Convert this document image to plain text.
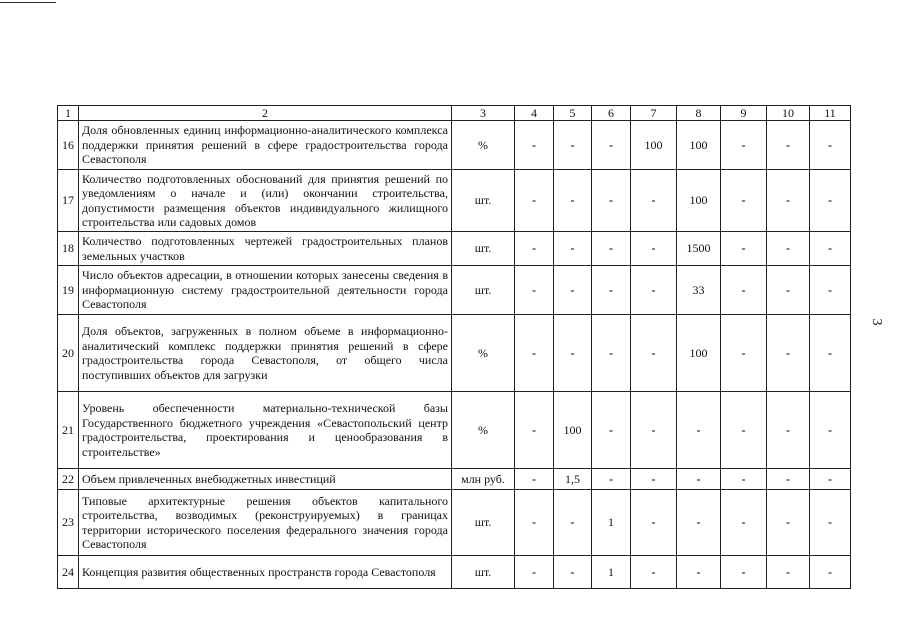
3
1	2	3	4	5	6	7	8	9	10	11
16	Доля обновленных единиц информационно-аналитического комплекса поддержки принятия решений в сфере градостроительства города Севастополя	%	-	-	-	100	100	-	-	-
17	Количество подготовленных обоснований для принятия решений по уведомлениям о начале и (или) окончании строительства, допустимости размещения объектов индивидуального жилищного строительства или садовых домов	шт.	-	-	-	-	100	-	-	-
18	Количество подготовленных чертежей градостроительных планов земельных участков	шт.	-	-	-	-	1500	-	-	-
19	Число объектов адресации, в отношении которых занесены сведения в информационную систему градостроительной деятельности города Севастополя	шт.	-	-	-	-	33	-	-	-
20	Доля объектов, загруженных в полном объеме в информационно-аналитический комплекс поддержки принятия решений в сфере градостроительства города Севастополя, от общего числа поступивших объектов для загрузки	%	-	-	-	-	100	-	-	-
21	Уровень обеспеченности материально-технической базы Государственного бюджетного учреждения «Севастопольский центр градостроительства, проектирования и ценообразования в строительстве»	%	-	100	-	-	-	-	-	-
22	Объем привлеченных внебюджетных инвестиций	млн руб.	-	1,5	-	-	-	-	-	-
23	Типовые архитектурные решения объектов капитального строительства, возводимых (реконструируемых) в границах территории исторического поселения федерального значения города Севастополя	шт.	-	-	1	-	-	-	-	-
24	Концепция развития общественных пространств города Севастополя	шт.	-	-	1	-	-	-	-	-
